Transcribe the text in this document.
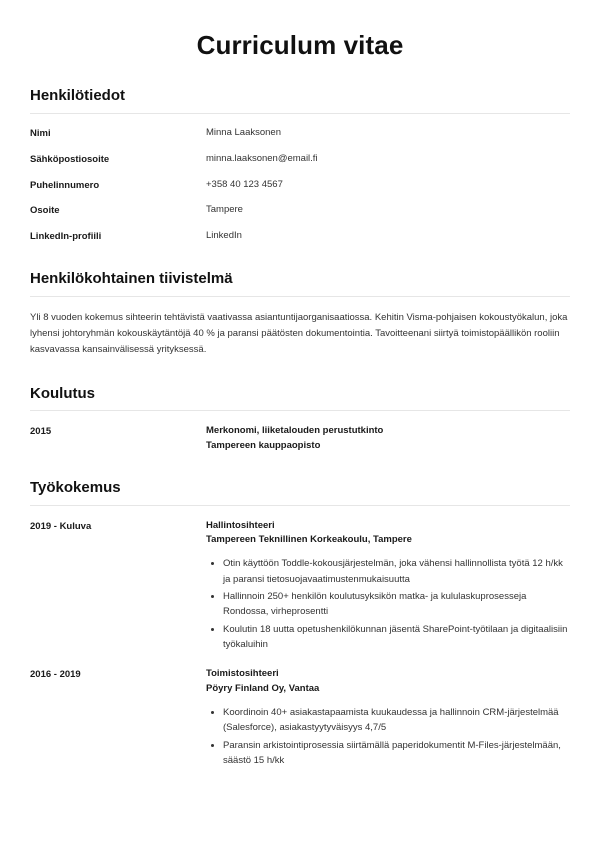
Curriculum vitae
Henkilötiedot
Nimi	Minna Laaksonen
Sähköpostiosoite	minna.laaksonen@email.fi
Puhelinnumero	+358 40 123 4567
Osoite	Tampere
LinkedIn-profiili	LinkedIn
Henkilökohtainen tiivistelmä

Yli 8 vuoden kokemus sihteerin tehtävistä vaativassa asiantuntijaorganisaatiossa. Kehitin Visma-pohjaisen kokoustyökalun, joka lyhensi johtoryhmän kokouskäytäntöjä 40 % ja paransi päätösten dokumentointia. Tavoitteenani siirtyä toimistopäällikön rooliin kasvavassa kansainvälisessä yrityksessä.

Koulutus
2015	Merkonomi, liiketalouden perustutkinto
Tampereen kauppaopisto
Työkokemus
2019 - Kuluva	Hallintosihteeri
Tampereen Teknillinen Korkeakoulu, Tampere
Otin käyttöön Toddle-kokousjärjestelmän, joka vähensi hallinnollista työtä 12 h/kk ja paransi tietosuojavaatimustenmukaisuutta
Hallinnoin 250+ henkilön koulutusyksikön matka- ja kululaskuprosesseja Rondossa, virheprosentti
Koulutin 18 uutta opetushenkilökunnan jäsentä SharePoint-työtilaan ja digitaalisiin työkaluihin
2016 - 2019	Toimistosihteeri
Pöyry Finland Oy, Vantaa
Koordinoin 40+ asiakastapaamista kuukaudessa ja hallinnoin CRM-järjestelmää (Salesforce), asiakastyytyväisyys 4,7/5
Paransin arkistointiprosessia siirtämällä paperidokumentit M-Files-järjestelmään, säästö 15 h/kk
